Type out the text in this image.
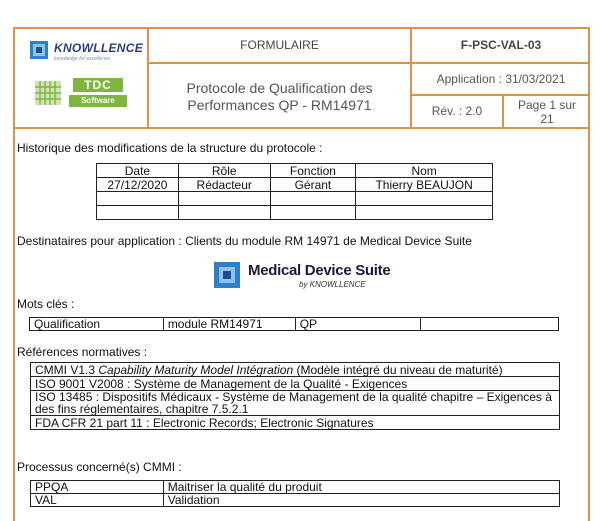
KNOWLLENCE
knowledge for excellence
TDC
Software
FORMULAIRE
Protocole de Qualification des
Performances QP - RM14971
F-PSC-VAL-03
Application : 31/03/2021
Rév. : 2.0	Page 1 sur
21
Historique des modifications de la structure du protocole :
Date	Rôle	Fonction	Nom
27/12/2020	Rédacteur	Gérant	Thierry BEAUJON

Destinataires pour application : Clients du module RM 14971 de Medical Device Suite
Medical Device Suite
by KNOWLLENCE
Mots clés :
Qualification	module RM14971	QP	
Références normatives :
CMMI V1.3 Capability Maturity Model Intégration (Modèle intégré du niveau de maturité)
ISO 9001 V2008 : Système de Management de la Qualité - Exigences
ISO 13485 : Dispositifs Médicaux - Système de Management de la qualité chapitre – Exigences à des fins réglementaires, chapitre 7.5.2.1
FDA CFR 21 part 11 : Electronic Records; Electronic Signatures
Processus concerné(s) CMMI :
PPQA	Maitriser la qualité du produit
VAL	Validation
